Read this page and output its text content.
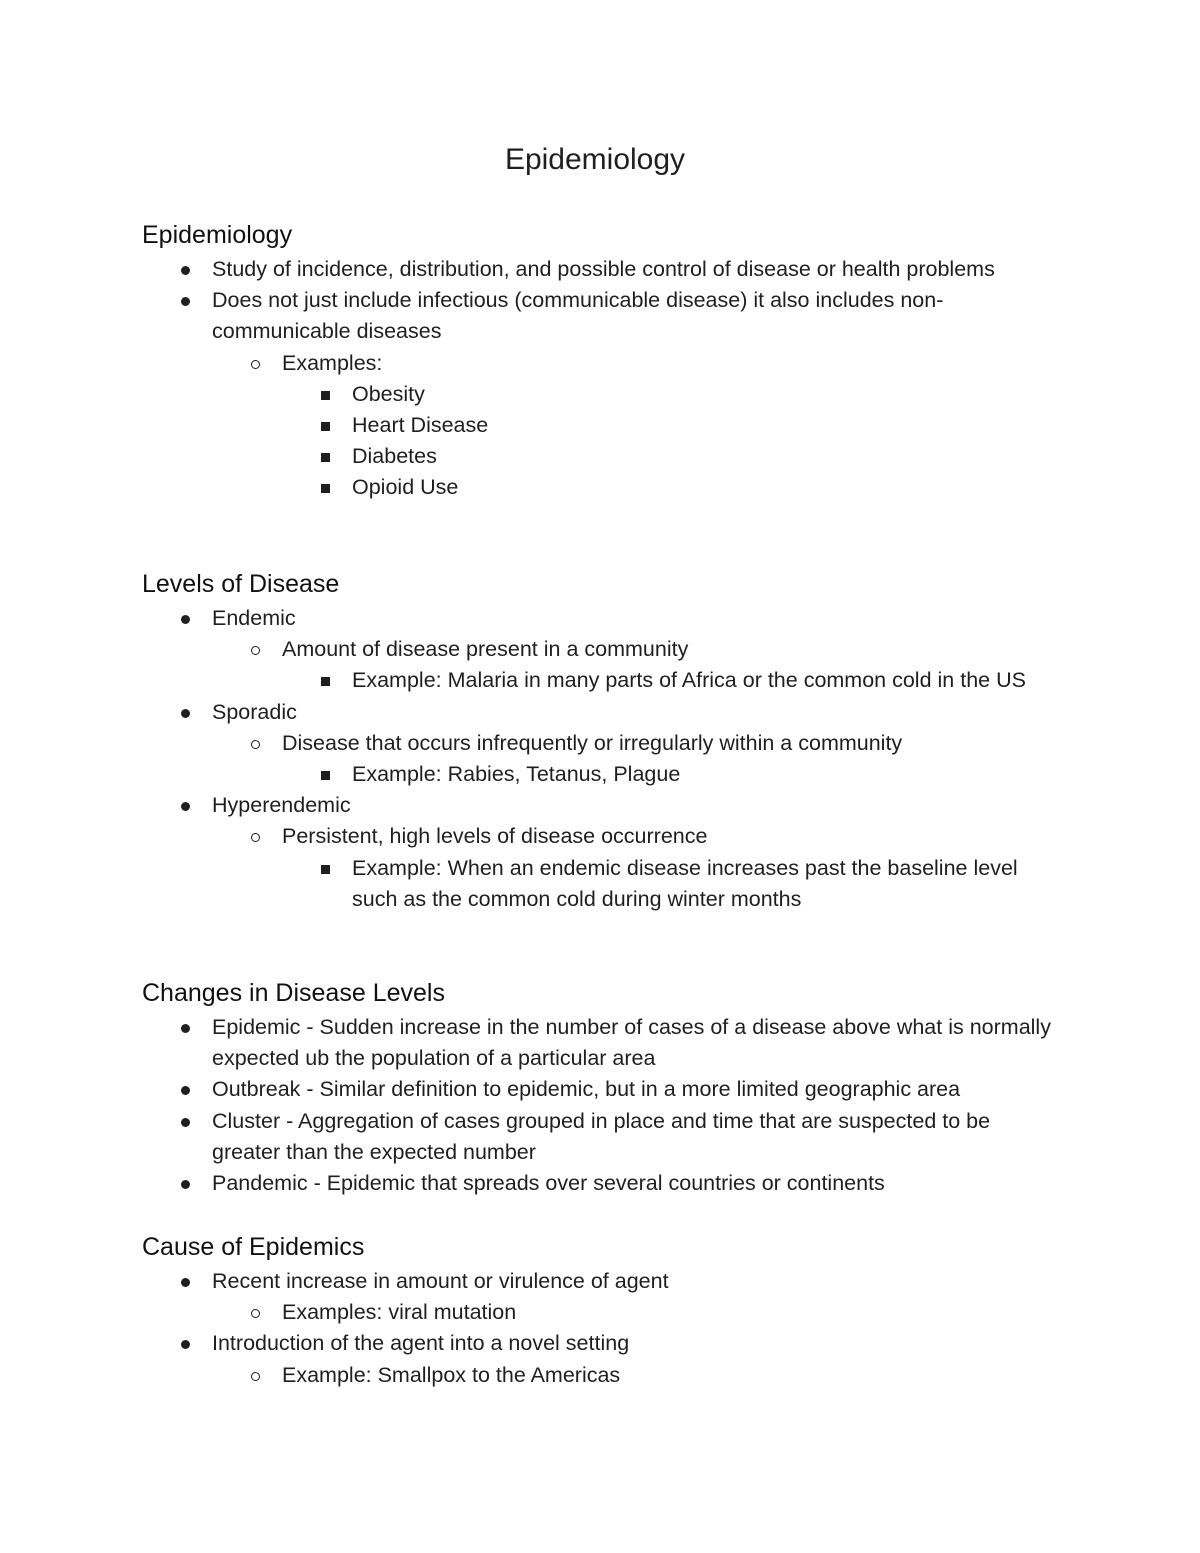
Epidemiology
Epidemiology
Study of incidence, distribution, and possible control of disease or health problems
Does not just include infectious (communicable disease) it also includes non-communicable diseases
Examples:
Obesity
Heart Disease
Diabetes
Opioid Use
Levels of Disease
Endemic
Amount of disease present in a community
Example: Malaria in many parts of Africa or the common cold in the US
Sporadic
Disease that occurs infrequently or irregularly within a community
Example: Rabies, Tetanus, Plague
Hyperendemic
Persistent, high levels of disease occurrence
Example: When an endemic disease increases past the baseline level such as the common cold during winter months
Changes in Disease Levels
Epidemic - Sudden increase in the number of cases of a disease above what is normally expected ub the population of a particular area
Outbreak - Similar definition to epidemic, but in a more limited geographic area
Cluster - Aggregation of cases grouped in place and time that are suspected to be greater than the expected number
Pandemic - Epidemic that spreads over several countries or continents
Cause of Epidemics
Recent increase in amount or virulence of agent
Examples: viral mutation
Introduction of the agent into a novel setting
Example: Smallpox to the Americas
